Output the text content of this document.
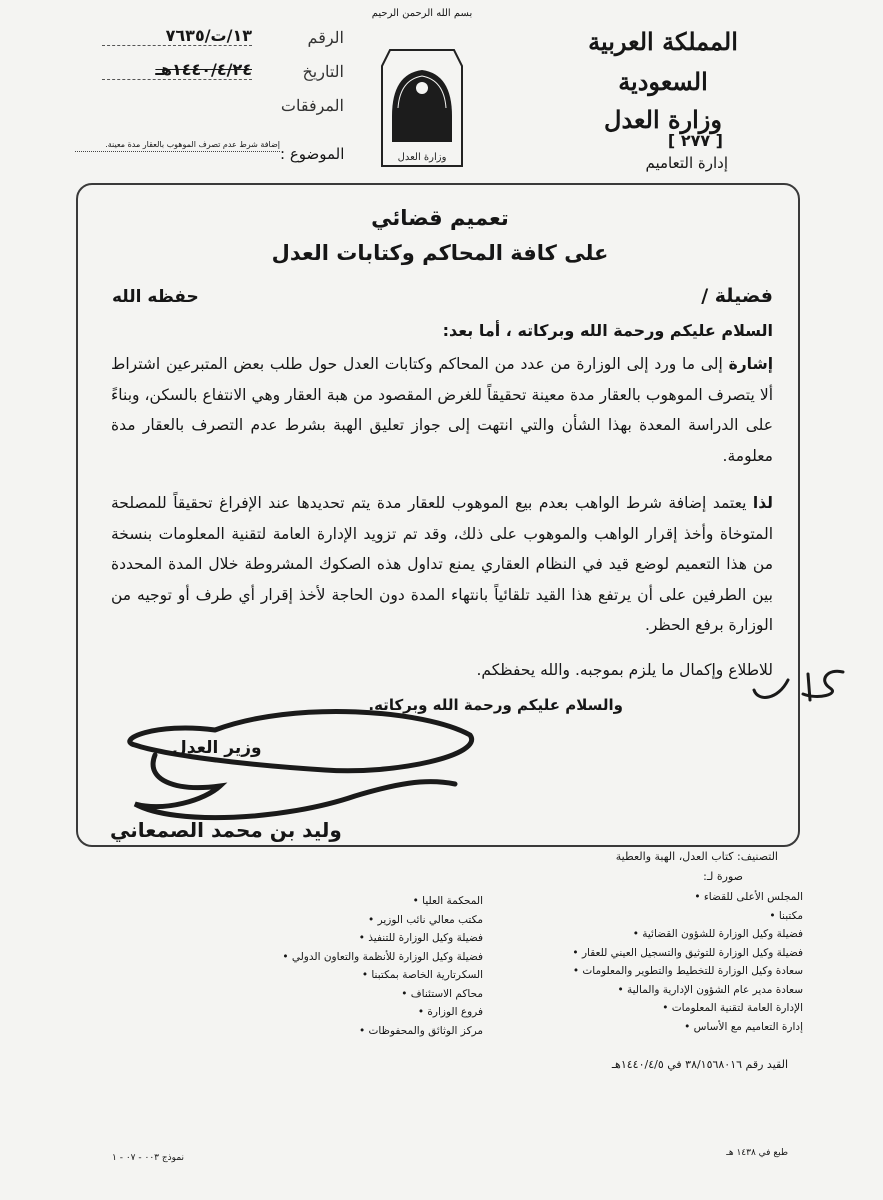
المملكة العربية السعودية
وزارة العدل
[ ٢٧٧ ]
إدارة التعاميم
بسم الله الرحمن الرحيم
وزارة العدل
الرقم
١٣/ت/٧٦٣٥
التاريخ
١٤٤٠/٤/٢٤هـ
المرفقات
الموضوع :
إضافة شرط عدم تصرف الموهوب بالعقار مدة معينة.
تعميم قضائي
على كافة المحاكم وكتابات العدل
فضيلة /
حفظه الله
السلام عليكم ورحمة الله وبركاته ، أما بعد:
إشارة إلى ما ورد إلى الوزارة من عدد من المحاكم وكتابات العدل حول طلب بعض المتبرعين اشتراط ألا يتصرف الموهوب بالعقار مدة معينة تحقيقاً للغرض المقصود من هبة العقار وهي الانتفاع بالسكن، وبناءً على الدراسة المعدة بهذا الشأن والتي انتهت إلى جواز تعليق الهبة بشرط عدم التصرف بالعقار مدة معلومة.
لذا يعتمد إضافة شرط الواهب بعدم بيع الموهوب للعقار مدة يتم تحديدها عند الإفراغ تحقيقاً للمصلحة المتوخاة وأخذ إقرار الواهب والموهوب على ذلك، وقد تم تزويد الإدارة العامة لتقنية المعلومات بنسخة من هذا التعميم لوضع قيد في النظام العقاري يمنع تداول هذه الصكوك المشروطة خلال المدة المحددة بين الطرفين على أن يرتفع هذا القيد تلقائياً بانتهاء المدة دون الحاجة لأخذ إقرار أي طرف أو توجيه من الوزارة برفع الحظر.
للاطلاع وإكمال ما يلزم بموجبه. والله يحفظكم.
والسلام عليكم ورحمة الله وبركاته.
وزير العدل
وليد بن محمد الصمعاني
التصنيف: كتاب العدل، الهبة والعطية
صورة لـ:
المجلس الأعلى للقضاء •
مكتبنا •
فضيلة وكيل الوزارة للشؤون القضائية •
فضيلة وكيل الوزارة للتوثيق والتسجيل العيني للعقار •
سعادة وكيل الوزارة للتخطيط والتطوير والمعلومات •
سعادة مدير عام الشؤون الإدارية والمالية •
الإدارة العامة لتقنية المعلومات •
إدارة التعاميم مع الأساس •
المحكمة العليا •
مكتب معالي نائب الوزير •
فضيلة وكيل الوزارة للتنفيذ •
فضيلة وكيل الوزارة للأنظمة والتعاون الدولي •
السكرتارية الخاصة بمكتبنا •
محاكم الاستئناف •
فروع الوزارة •
مركز الوثائق والمحفوظات •
القيد رقم ٣٨/١٥٦٨٠١٦ في ١٤٤٠/٤/٥هـ
طبع في ١٤٣٨ هـ
نموذج ٠٠٣ - ٠٧ - ١
